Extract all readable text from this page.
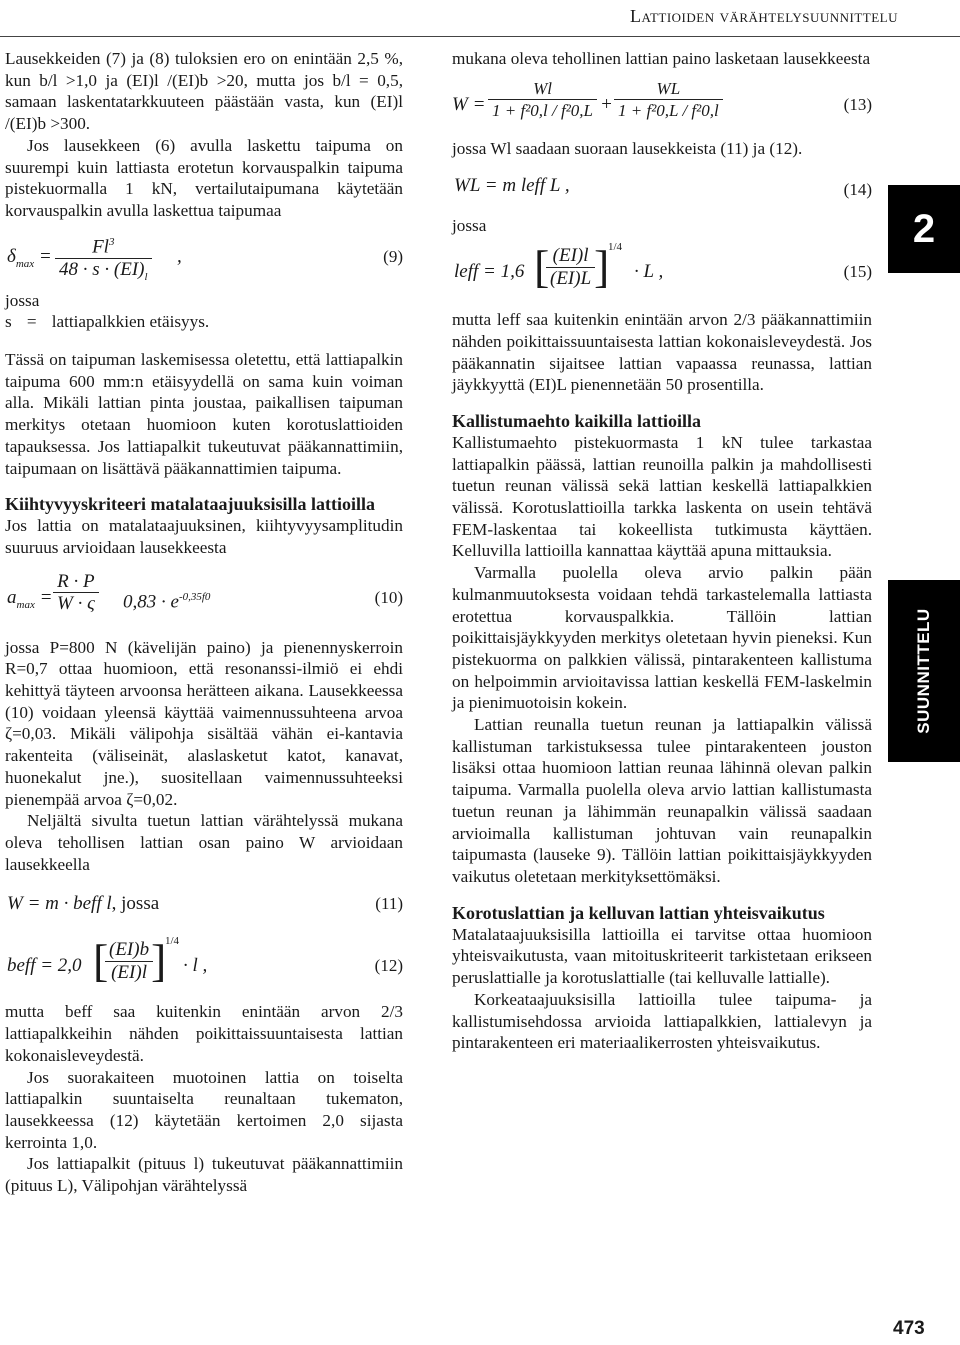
Lattioiden värähtelysuunnittelu

Lausekkeiden (7) ja (8) tuloksien ero on enintään 2,5 %, kun b/l >1,0 ja (EI)l /(EI)b >20, mutta jos b/l = 0,5, samaan laskentatarkkuuteen päästään vasta, kun (EI)l /(EI)b >300.

Jos lausekkeen (6) avulla laskettu taipuma on suurempi kuin lattiasta erotetun korvauspalkin taipuma pistekuormalla 1 kN, vertailutaipumana käytetään korvauspalkin avulla laskettua taipumaa

$\delta_{max} = \frac{Fl^3}{48 \cdot s \cdot (EI)_l}$ ,	(9)

jossa

s = lattiapalkkien etäisyys.

Tässä on taipuman laskemisessa oletettu, että lattiapalkin taipuma 600 mm:n etäisyydellä on sama kuin voiman alla. Mikäli lattian pinta joustaa, paikallisen taipuman merkitys otetaan huomioon kuten korotuslattioiden tapauksessa. Jos lattiapalkit tukeutuvat pääkannattimiin, taipumaan on lisättävä pääkannattimien taipuma.

Kiihtyvyyskriteeri matalataajuuksisilla lattioilla

Jos lattia on matalataajuuksinen, kiihtyvyysamplitudin suuruus arvioidaan lausekkeesta

$a_{max} = \frac{R \cdot P}{W \cdot \varsigma} 0,83 \cdot e^{-0,35f0}$	(10)

jossa P=800 N (kävelijän paino) ja pienennyskerroin R=0,7 ottaa huomioon, että resonanssi-ilmiö ei ehdi kehittyä täyteen arvoonsa herätteen aikana. Lausekkeessa (10) voidaan yleensä käyttää vaimennussuhteena arvoa ζ=0,03. Mikäli välipohja sisältää vähän ei-kantavia rakenteita (väliseinät, alaslasketut katot, kanavat, huonekalut jne.), suositellaan vaimennussuhteeksi pienempää arvoa ζ=0,02.

Neljältä sivulta tuetun lattian värähtelyssä mukana oleva tehollisen lattian osan paino W arvioidaan lausekkeella

W = m · beff l, jossa	(11)
beff = 2,0 [
$\frac{(EI)b}{(EI)l}$
]
1/4
· l ,	(12)

mutta beff saa kuitenkin enintään arvon 2/3 lattiapalkkeihin nähden poikittaissuuntaisesta lattian kokonaisleveydestä.

Jos suorakaiteen muotoinen lattia on toiselta lattiapalkin suuntaiselta reunaltaan tukematon, lausekkeessa (12) käytetään kertoimen 2,0 sijasta kerrointa 1,0.

Jos lattiapalkit (pituus l) tukeutuvat pääkannattimiin (pituus L), Välipohjan värähtelyssä

mukana oleva tehollinen lattian paino lasketaan lausekkeesta

$W = \frac{Wl}{\text{1 + f²0,l / f²0,L}} + \frac{WL}{\text{1 + f²0,L / f²0,l}}$	(13)

jossa Wl saadaan suoraan lausekkeista (11) ja (12).

WL = m leff L ,	(14)

jossa

leff = 1,6 [
$\frac{(EI)l}{(EI)L}$
]
1/4
· L ,	(15)

mutta leff saa kuitenkin enintään arvon 2/3 pääkannattimiin nähden poikittaissuuntaisesta lattian kokonaisleveydestä. Jos pääkannatin sijaitsee lattian vapaassa reunassa, lattian jäykkyyttä (EI)L pienennetään 50 prosentilla.

Kallistumaehto kaikilla lattioilla

Kallistumaehto pistekuormasta 1 kN tulee tarkastaa lattiapalkin päässä, lattian reunoilla palkin ja mahdollisesti tuetun reunan välissä sekä lattian keskellä lattiapalkkien välissä. Korotuslattioilla tarkka laskenta on usein tehtävä FEM-laskentaa tai kokeellista tutkimusta käyttäen. Kelluvilla lattioilla kannattaa käyttää apuna mittauksia.

Varmalla puolella oleva arvio palkin pään kulmanmuutoksesta voidaan tehdä tarkastelemalla lattiasta erotettua korvauspalkkia. Tällöin lattian poikittaisjäykkyyden merkitys oletetaan hyvin pieneksi. Kun pistekuorma on palkkien välissä, pintarakenteen kallistuma on helpoimmin arvioitavissa lattian keskellä FEM-laskelmin ja pienimuotoisin kokein.

Lattian reunalla tuetun reunan ja lattiapalkin välissä kallistuman tarkistuksessa tulee pintarakenteen jouston lisäksi ottaa huomioon lattian reunaa lähinnä olevan palkin taipuma. Varmalla puolella oleva arvio lattian kallistumasta tuetun reunan ja lähimmän reunapalkin välissä saadaan arvioimalla kallistuman johtuvan vain reunapalkin taipumasta (lauseke 9). Tällöin lattian poikittaisjäykkyyden vaikutus oletetaan merkityksettömäksi.

Korotuslattian ja kelluvan lattian yhteisvaikutus

Matalataajuuksisilla lattioilla ei tarvitse ottaa huomioon yhteisvaikutusta, vaan mitoituskriteerit tarkistetaan erikseen peruslattialle ja korotuslattialle (tai kelluvalle lattialle).

Korkeataajuuksisilla lattioilla tulee taipuma- ja kallistumisehdossa arvioida lattiapalkkien, lattialevyn ja pintarakenteen eri materiaalikerrosten yhteisvaikutus.

2
SUUNNITTELU
473
